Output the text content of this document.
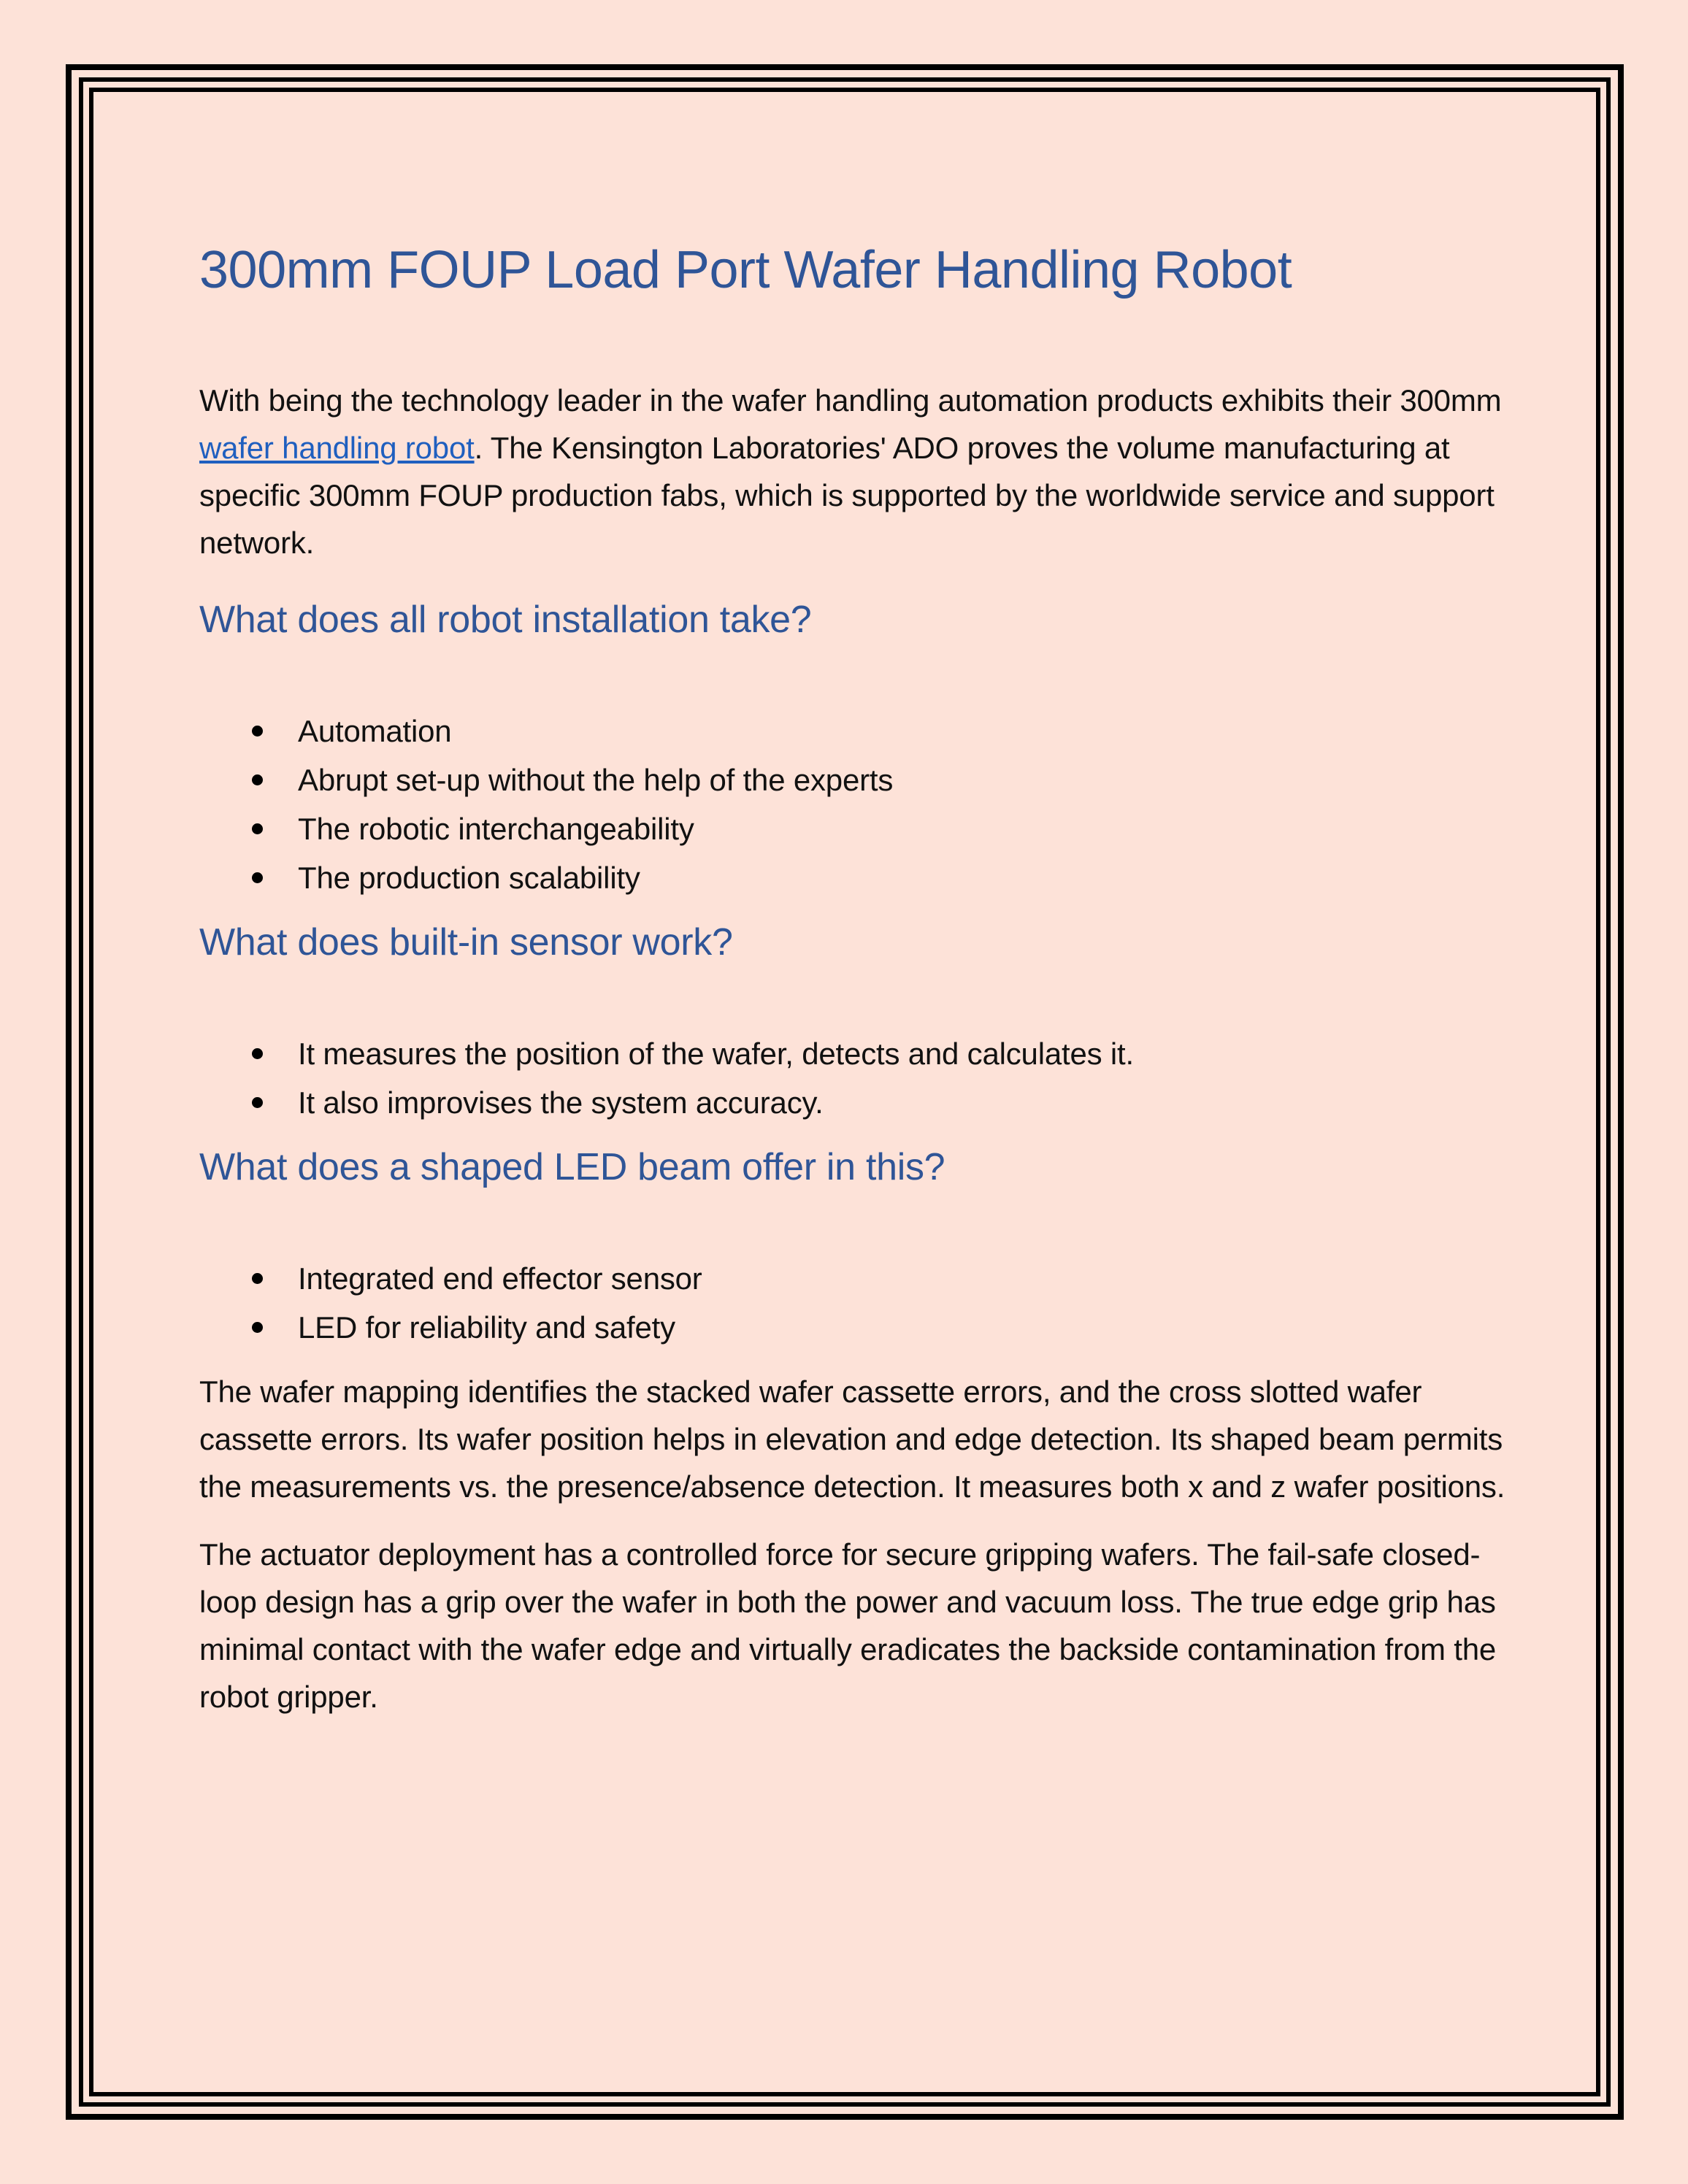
300mm FOUP Load Port Wafer Handling Robot

With being the technology leader in the wafer handling automation products exhibits their 300mm wafer handling robot. The Kensington Laboratories' ADO proves the volume manufacturing at specific 300mm FOUP production fabs, which is supported by the worldwide service and support network.

What does all robot installation take?
Automation
Abrupt set-up without the help of the experts
The robotic interchangeability
The production scalability
What does built-in sensor work?
It measures the position of the wafer, detects and calculates it.
It also improvises the system accuracy.
What does a shaped LED beam offer in this?
Integrated end effector sensor
LED for reliability and safety

The wafer mapping identifies the stacked wafer cassette errors, and the cross slotted wafer cassette errors. Its wafer position helps in elevation and edge detection. Its shaped beam permits the measurements vs. the presence/absence detection. It measures both x and z wafer positions.

The actuator deployment has a controlled force for secure gripping wafers. The fail-safe closed-loop design has a grip over the wafer in both the power and vacuum loss. The true edge grip has minimal contact with the wafer edge and virtually eradicates the backside contamination from the robot gripper.
